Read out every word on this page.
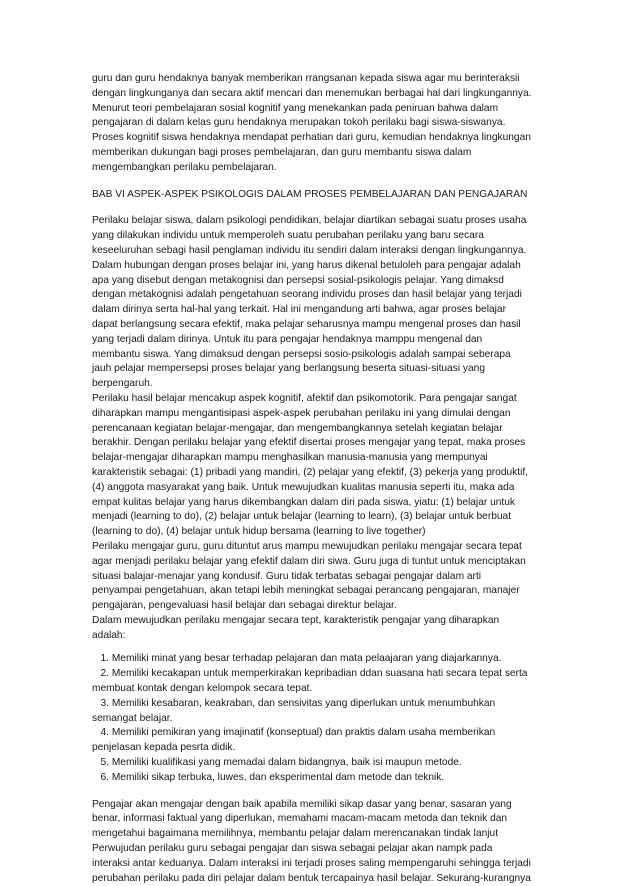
guru dan guru hendaknya banyak memberikan rrangsanan kepada siswa agar mu berinteraksii
dengan lingkunganya dan secara aktif mencari dan menemukan berbagai hal dari lingkungannya.
Menurut teori pembelajaran sosial kognitif yang menekankan pada peniruan bahwa dalam
pengajaran di dalam kelas guru hendaknya merupakan tokoh perilaku bagi siswa-siswanya.
Proses kognitif siswa hendaknya mendapat perhatian dari guru, kemudian hendaknya lingkungan
memberikan dukungan bagi proses pembelajaran, dan guru membantu siswa dalam
mengembangkan perilaku pembelajaran.
BAB VI ASPEK-ASPEK PSIKOLOGIS DALAM PROSES PEMBELAJARAN DAN PENGAJARAN
Perilaku belajar siswa, dalam psikologi pendidikan, belajar diartikan sebagai suatu proses usaha
yang dilakukan individu untuk memperoleh suatu perubahan perilaku yang baru secara
keseeluruhan sebagi hasil penglaman individu itu sendiri dalam interaksi dengan lingkungannya.
Dalam hubungan dengan proses belajar ini, yang harus dikenal betuloleh para pengajar adalah
apa yang disebut dengan metakognisi dan persepsi sosial-psikologis pelajar. Yang dimaksd
dengan metakognisi adalah pengetahuan seorang individu proses dan hasil belajar yang terjadi
dalam dirinya serta hal-hal yang terkait. Hal ini mengandung arti bahwa, agar proses belajar
dapat berlangsung secara efektif, maka pelajar seharusnya mampu mengenal proses dan hasil
yang terjadi dalam dirinya. Untuk itu para pengajar hendaknya mamppu mengenal dan
membantu siswa. Yang dimaksud dengan persepsi sosio-psikologis adalah sampai seberapa
jauh pelajar mempersepsi proses belajar yang berlangsung beserta situasi-situasi yang
berpengaruh.
Perilaku hasil belajar mencakup aspek kognitif, afektif dan psikomotorik. Para pengajar sangat
diharapkan mampu mengantisipasi aspek-aspek perubahan perilaku ini yang dimulai dengan
perencanaan kegiatan belajar-mengajar, dan mengembangkannya setelah kegiatan belajar
berakhir. Dengan perilaku belajar yang efektif disertai proses mengajar yang tepat, maka proses
belajar-mengajar diharapkan mampu menghasilkan manusia-manusia yang mempunyai
karakteristik sebagai: (1) pribadi yang mandiri, (2) pelajar yang efektif, (3) pekerja yang produktif,
(4) anggota masyarakat yang baik. Untuk mewujudkan kualitas manusia seperti itu, maka ada
empat kulitas belajar yang harus dikembangkan dalam diri pada siswa, yiatu: (1) belajar untuk
menjadi (learning to do), (2) belajar untuk belajar (learning to learn), (3) belajar untuk berbuat
(learning to do), (4) belajar untuk hidup bersama (learning to live together)
Perilaku mengajar guru, guru dituntut arus mampu mewujudkan perilaku mengajar secara tepat
agar menjadi perilaku belajar yang efektif dalam diri siwa. Guru juga di tuntut untuk menciptakan
situasi balajar-menajar yang kondusif. Guru tidak terbatas sebagai pengajar dalam arti
penyampai pengetahuan, akan tetapi lebih meningkat sebagai perancang pengajaran, manajer
pengajaran, pengevaluasi hasil belajar dan sebagai direktur belajar.
Dalam mewujudkan perilaku mengajar secara tept, karakteristik pengajar yang diharapkan
adalah:
1. Memiliki minat yang besar terhadap pelajaran dan mata pelaajaran yang diajarkannya.
2. Memiliki kecakapan untuk memperkirakan kepribadian ddan suasana hati secara tepat serta
membuat kontak dengan kelompok secara tepat.
3. Memiliki kesabaran, keakraban, dan sensivitas yang diperlukan untuk menumbuhkan
semangat belajar.
4. Memiliki pemikiran yang imajinatif (konseptual) dan praktis dalam usaha memberikan
penjelasan kepada pesrta didik.
5. Memiliki kualifikasi yang memadai dalam bidangnya, baik isi maupun metode.
6. Memiliki sikap terbuka, luwes, dan eksperimental dam metode dan teknik.
Pengajar akan mengajar dengan baik apabila memiliki sikap dasar yang benar, sasaran yang
benar, informasi faktual yang diperlukan, memahami macam-macam metoda dan teknik dan
mengetahui bagaimana memilihnya, membantu pelajar dalam merencanakan tindak lanjut
Perwujudan perilaku guru sebagai pengajar dan siswa sebagai pelajar akan nampk pada
interaksi antar keduanya. Dalam interaksi ini terjadi proses saling mempengaruhi sehingga terjadi
perubahan perilaku pada diri pelajar dalam bentuk tercapainya hasil belajar. Sekurang-kurangnya
